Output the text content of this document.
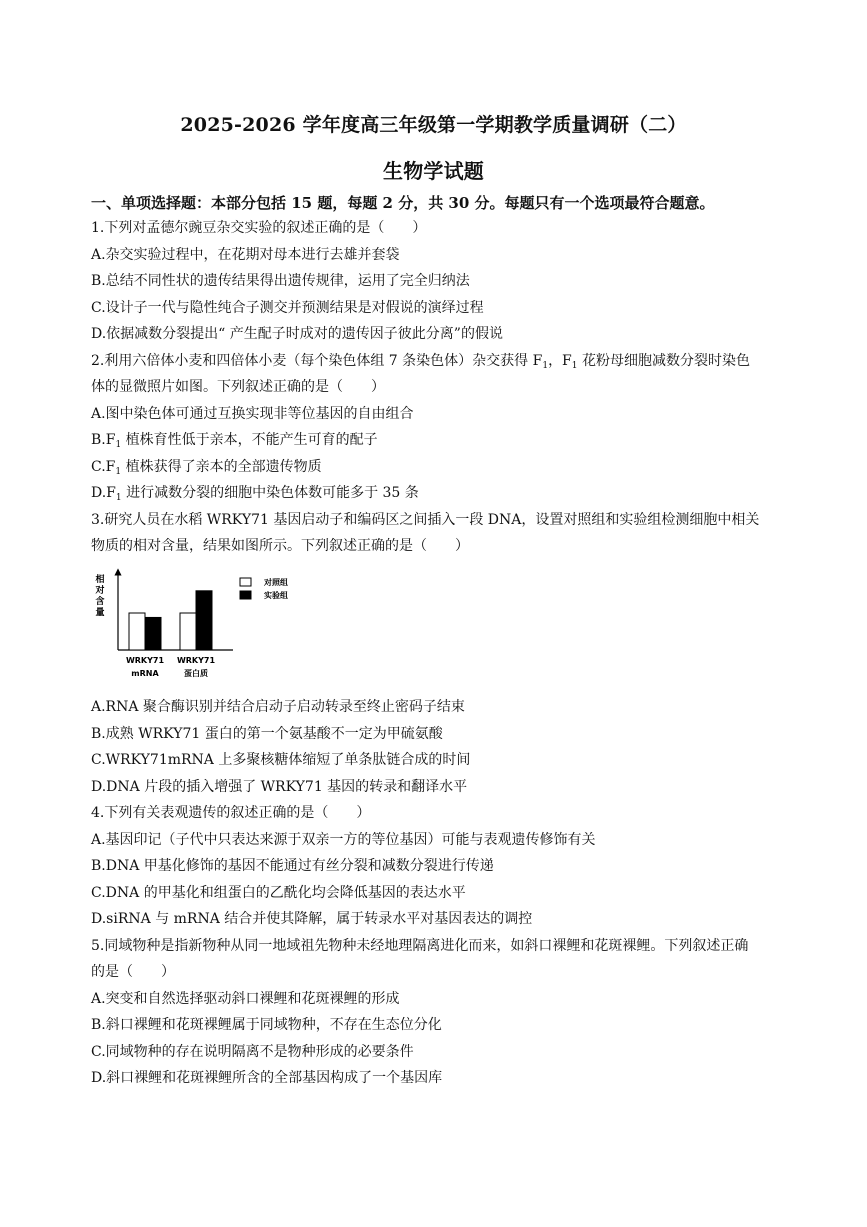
2025-2026 学年度高三年级第一学期教学质量调研（二）
生物学试题
一、单项选择题：本部分包括 15 题，每题 2 分，共 30 分。每题只有一个选项最符合题意。
1.下列对孟德尔豌豆杂交实验的叙述正确的是（　　）
A.杂交实验过程中，在花期对母本进行去雄并套袋
B.总结不同性状的遗传结果得出遗传规律，运用了完全归纳法
C.设计子一代与隐性纯合子测交并预测结果是对假说的演绎过程
D.依据减数分裂提出“ 产生配子时成对的遗传因子彼此分离”的假说
2.利用六倍体小麦和四倍体小麦（每个染色体组 7 条染色体）杂交获得 $F_1$，$F_1$ 花粉母细胞减数分裂时染色
体的显微照片如图。下列叙述正确的是（　　）
A.图中染色体可通过互换实现非等位基因的自由组合
$B.F_1$ 植株育性低于亲本，不能产生可育的配子
$C.F_1$ 植株获得了亲本的全部遗传物质
$D.F_1$ 进行减数分裂的细胞中染色体数可能多于 35 条
3.研究人员在水稻 WRKY71 基因启动子和编码区之间插入一段 DNA，设置对照组和实验组检测细胞中相关
物质的相对含量，结果如图所示。下列叙述正确的是（　　）
相
对
含
量
WRKY71
mRNA
WRKY71
蛋白质
对照组
实验组
A.RNA 聚合酶识别并结合启动子启动转录至终止密码子结束
B.成熟 WRKY71 蛋白的第一个氨基酸不一定为甲硫氨酸
C.WRKY71mRNA 上多聚核糖体缩短了单条肽链合成的时间
D.DNA 片段的插入增强了 WRKY71 基因的转录和翻译水平
4.下列有关表观遗传的叙述正确的是（　　）
A.基因印记（子代中只表达来源于双亲一方的等位基因）可能与表观遗传修饰有关
B.DNA 甲基化修饰的基因不能通过有丝分裂和减数分裂进行传递
C.DNA 的甲基化和组蛋白的乙酰化均会降低基因的表达水平
D.siRNA 与 mRNA 结合并使其降解，属于转录水平对基因表达的调控
5.同域物种是指新物种从同一地域祖先物种未经地理隔离进化而来，如斜口裸鲤和花斑裸鲤。下列叙述正确
的是（　　）
A.突变和自然选择驱动斜口裸鲤和花斑裸鲤的形成
B.斜口裸鲤和花斑裸鲤属于同域物种，不存在生态位分化
C.同域物种的存在说明隔离不是物种形成的必要条件
D.斜口裸鲤和花斑裸鲤所含的全部基因构成了一个基因库
